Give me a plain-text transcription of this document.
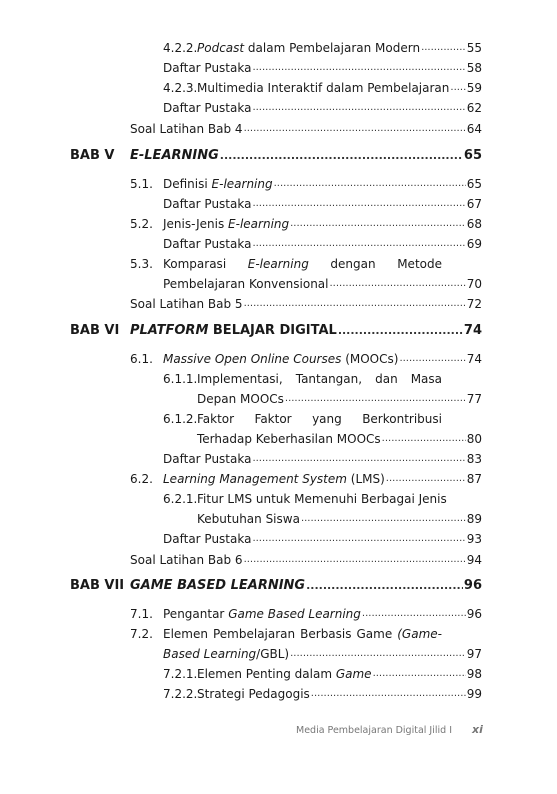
4.2.2. Podcast dalam Pembelajaran Modern .....	55
Daftar Pustaka .....	58
4.2.3. Multimedia Interaktif dalam Pembelajaran ..... 59
Daftar Pustaka .....	62
Soal Latihan Bab 4 .....	64
BAB V E-LEARNING .....	65
5.1. Definisi E-learning .....	65
Daftar Pustaka .....	67
5.2. Jenis-Jenis E-learning .....	68
Daftar Pustaka .....	69
5.3. Komparasi E-learning dengan Metode
Pembelajaran Konvensional .....	70
Soal Latihan Bab 5 .....	72
BAB VI PLATFORM BELAJAR DIGITAL .....	74
6.1. Massive Open Online Courses (MOOCs) .....	74
6.1.1. Implementasi, Tantangan, dan Masa
Depan MOOCs .....	77
6.1.2. Faktor Faktor yang Berkontribusi
Terhadap Keberhasilan MOOCs .....	80
Daftar Pustaka .....	83
6.2. Learning Management System (LMS) .....	87
6.2.1. Fitur LMS untuk Memenuhi Berbagai Jenis
Kebutuhan Siswa .....	89
Daftar Pustaka .....	93
Soal Latihan Bab 6 .....	94
BAB VII GAME BASED LEARNING .....	96
7.1. Pengantar Game Based Learning .....	96
7.2. Elemen Pembelajaran Berbasis Game (Game-
Based Learning/GBL) .....	97
7.2.1. Elemen Penting dalam Game .....	98
7.2.2. Strategi Pedagogis .....	99
Media Pembelajaran Digital Jilid I xi
